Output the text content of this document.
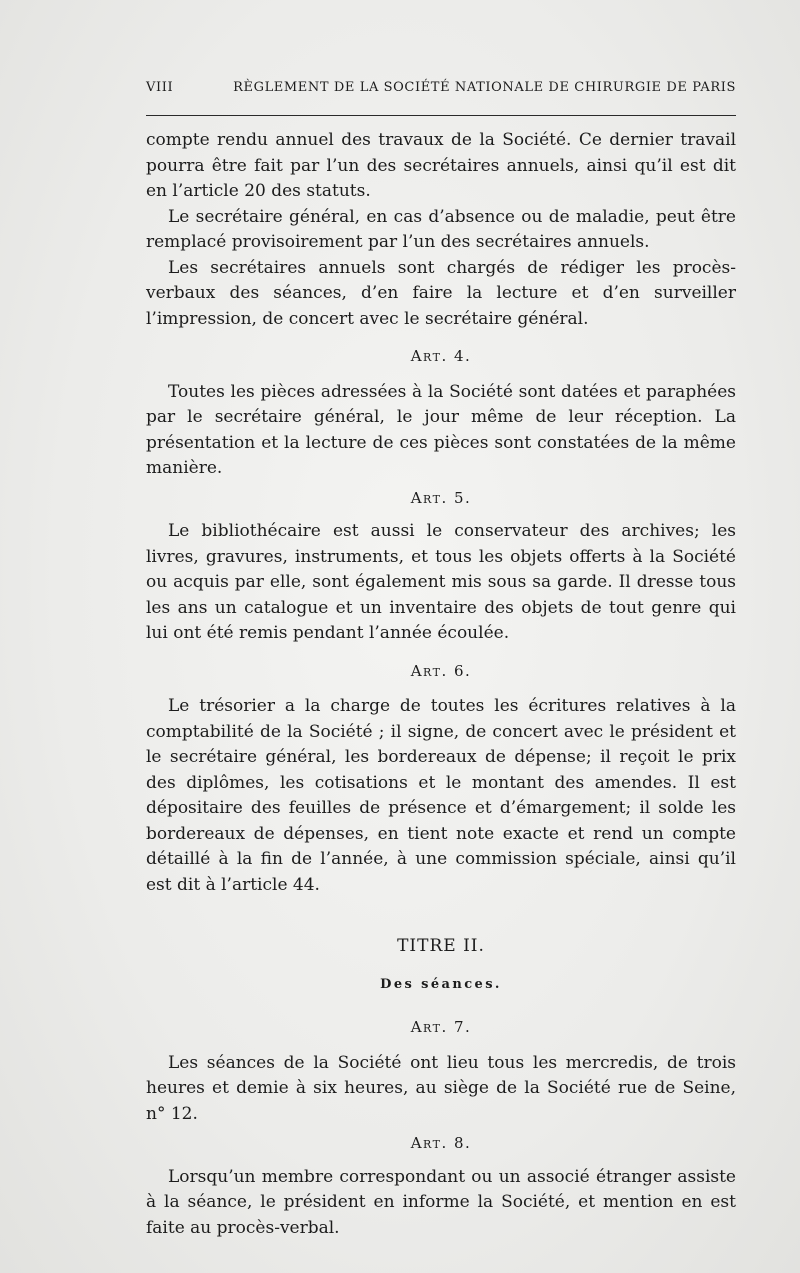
VIII	RÈGLEMENT DE LA SOCIÉTÉ NATIONALE DE CHIRURGIE DE PARIS

compte rendu annuel des travaux de la Société. Ce dernier travail pourra être fait par l’un des secrétaires annuels, ainsi qu’il est dit en l’article 20 des statuts.

Le secrétaire général, en cas d’absence ou de maladie, peut être remplacé provisoirement par l’un des secrétaires annuels.

Les secrétaires annuels sont chargés de rédiger les procès-verbaux des séances, d’en faire la lecture et d’en surveiller l’impression, de concert avec le secrétaire général.

Art. 4.

Toutes les pièces adressées à la Société sont datées et paraphées par le secrétaire général, le jour même de leur réception. La présentation et la lecture de ces pièces sont constatées de la même manière.

Art. 5.

Le bibliothécaire est aussi le conservateur des archives; les livres, gravures, instruments, et tous les objets offerts à la Société ou acquis par elle, sont également mis sous sa garde. Il dresse tous les ans un catalogue et un inventaire des objets de tout genre qui lui ont été remis pendant l’année écoulée.

Art. 6.

Le trésorier a la charge de toutes les écritures relatives à la comptabilité de la Société ; il signe, de concert avec le président et le secrétaire général, les bordereaux de dépense; il reçoit le prix des diplômes, les cotisations et le montant des amendes. Il est dépositaire des feuilles de présence et d’émargement; il solde les bordereaux de dépenses, en tient note exacte et rend un compte détaillé à la fin de l’année, à une commission spéciale, ainsi qu’il est dit à l’article 44.

TITRE II.
Des séances.
Art. 7.

Les séances de la Société ont lieu tous les mercredis, de trois heures et demie à six heures, au siège de la Société rue de Seine, n° 12.

Art. 8.

Lorsqu’un membre correspondant ou un associé étranger assiste à la séance, le président en informe la Société, et mention en est faite au procès-verbal.
